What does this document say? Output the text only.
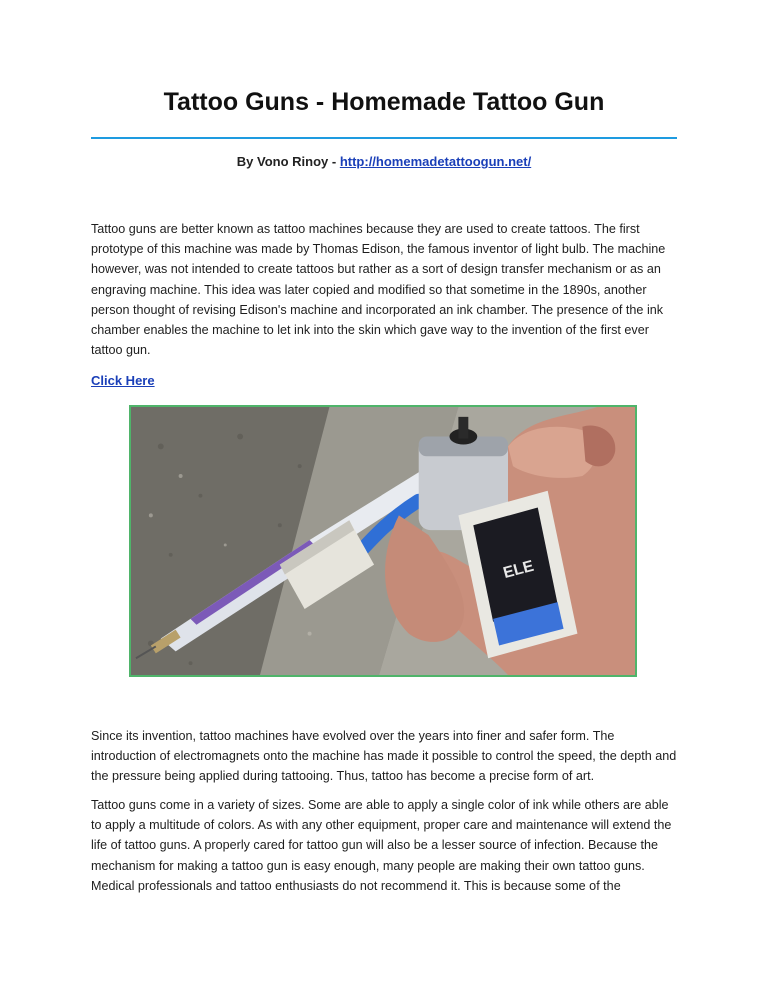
Tattoo Guns - Homemade Tattoo Gun
By Vono Rinoy - http://homemadetattoogun.net/

Tattoo guns are better known as tattoo machines because they are used to create tattoos. The first prototype of this machine was made by Thomas Edison, the famous inventor of light bulb. The machine however, was not intended to create tattoos but rather as a sort of design transfer mechanism or as an engraving machine. This idea was later copied and modified so that sometime in the 1890s, another person thought of revising Edison's machine and incorporated an ink chamber. The presence of the ink chamber enables the machine to let ink into the skin which gave way to the invention of the first ever tattoo gun.

Click Here
ELE

Since its invention, tattoo machines have evolved over the years into finer and safer form. The introduction of electromagnets onto the machine has made it possible to control the speed, the depth and the pressure being applied during tattooing. Thus, tattoo has become a precise form of art.

Tattoo guns come in a variety of sizes. Some are able to apply a single color of ink while others are able to apply a multitude of colors. As with any other equipment, proper care and maintenance will extend the life of tattoo guns. A properly cared for tattoo gun will also be a lesser source of infection. Because the mechanism for making a tattoo gun is easy enough, many people are making their own tattoo guns. Medical professionals and tattoo enthusiasts do not recommend it. This is because some of the
